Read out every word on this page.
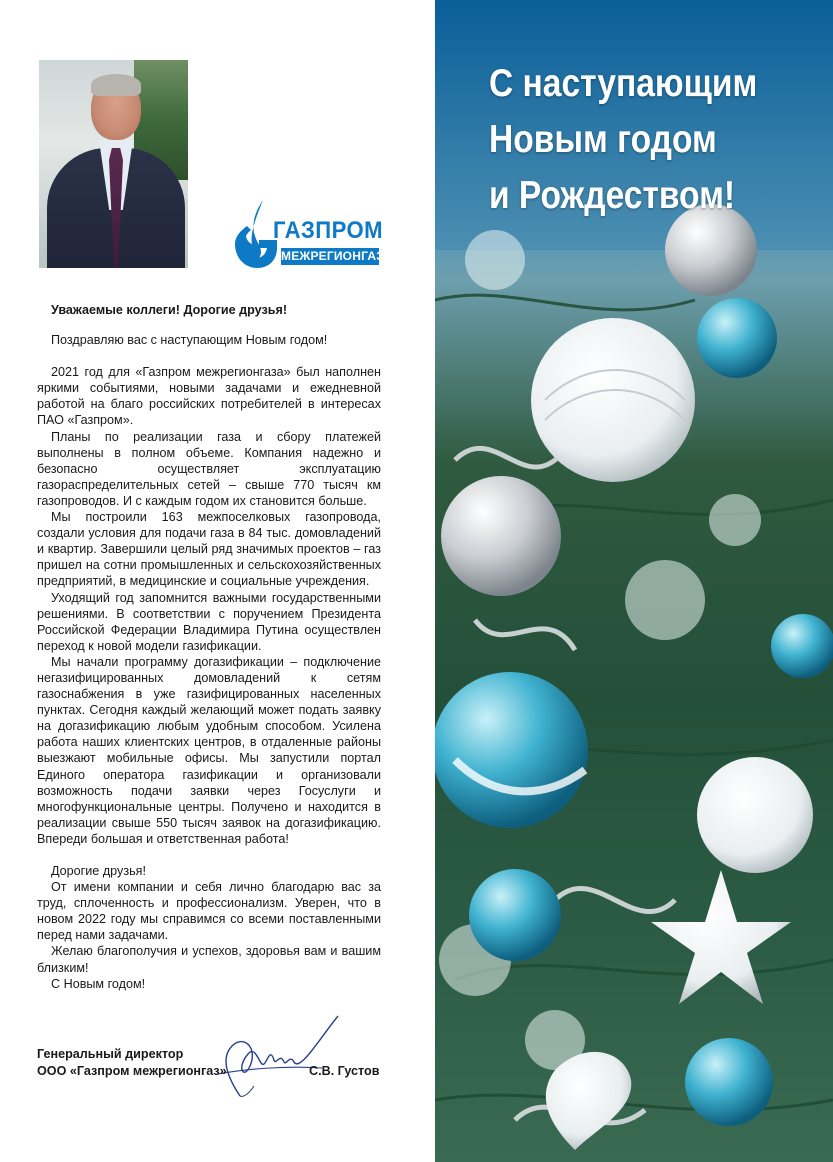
ГАЗПРОМ
МЕЖРЕГИОНГАЗ
Уважаемые коллеги! Дорогие друзья!

Поздравляю вас с наступающим Новым годом!

2021 год для «Газпром межрегионгаза» был наполнен яркими событиями, новыми задачами и ежедневной работой на благо российских потребителей в интересах ПАО «Газпром».

Планы по реализации газа и сбору платежей выполнены в полном объеме. Компания надежно и безопасно осуществляет эксплуатацию газораспределительных сетей – свыше 770 тысяч км газопроводов. И с каждым годом их становится больше.

Мы построили 163 межпоселковых газопровода, создали условия для подачи газа в 84 тыс. домовладений и квартир. Завершили целый ряд значимых проектов – газ пришел на сотни промышленных и сельскохозяйственных предприятий, в медицинские и социальные учреждения.

Уходящий год запомнится важными государственными решениями. В соответствии с поручением Президента Российской Федерации Владимира Путина осуществлен переход к новой модели газификации.

Мы начали программу догазификации – подключение негазифицированных домовладений к сетям газоснабжения в уже газифицированных населенных пунктах. Сегодня каждый желающий может подать заявку на догазификацию любым удобным способом. Усилена работа наших клиентских центров, в отдаленные районы выезжают мобильные офисы. Мы запустили портал Единого оператора газификации и организовали возможность подачи заявки через Госуслуги и многофункциональные центры. Получено и находится в реализации свыше 550 тысяч заявок на догазификацию. Впереди большая и ответственная работа!

Дорогие друзья!

От имени компании и себя лично благодарю вас за труд, сплоченность и профессионализм. Уверен, что в новом 2022 году мы справимся со всеми поставленными перед нами задачами.

Желаю благополучия и успехов, здоровья вам и вашим близким!

С Новым годом!

Генеральный директор
ООО «Газпром межрегионгаз»	С.В. Густов
С наступающим
Новым годом
и Рождеством!
